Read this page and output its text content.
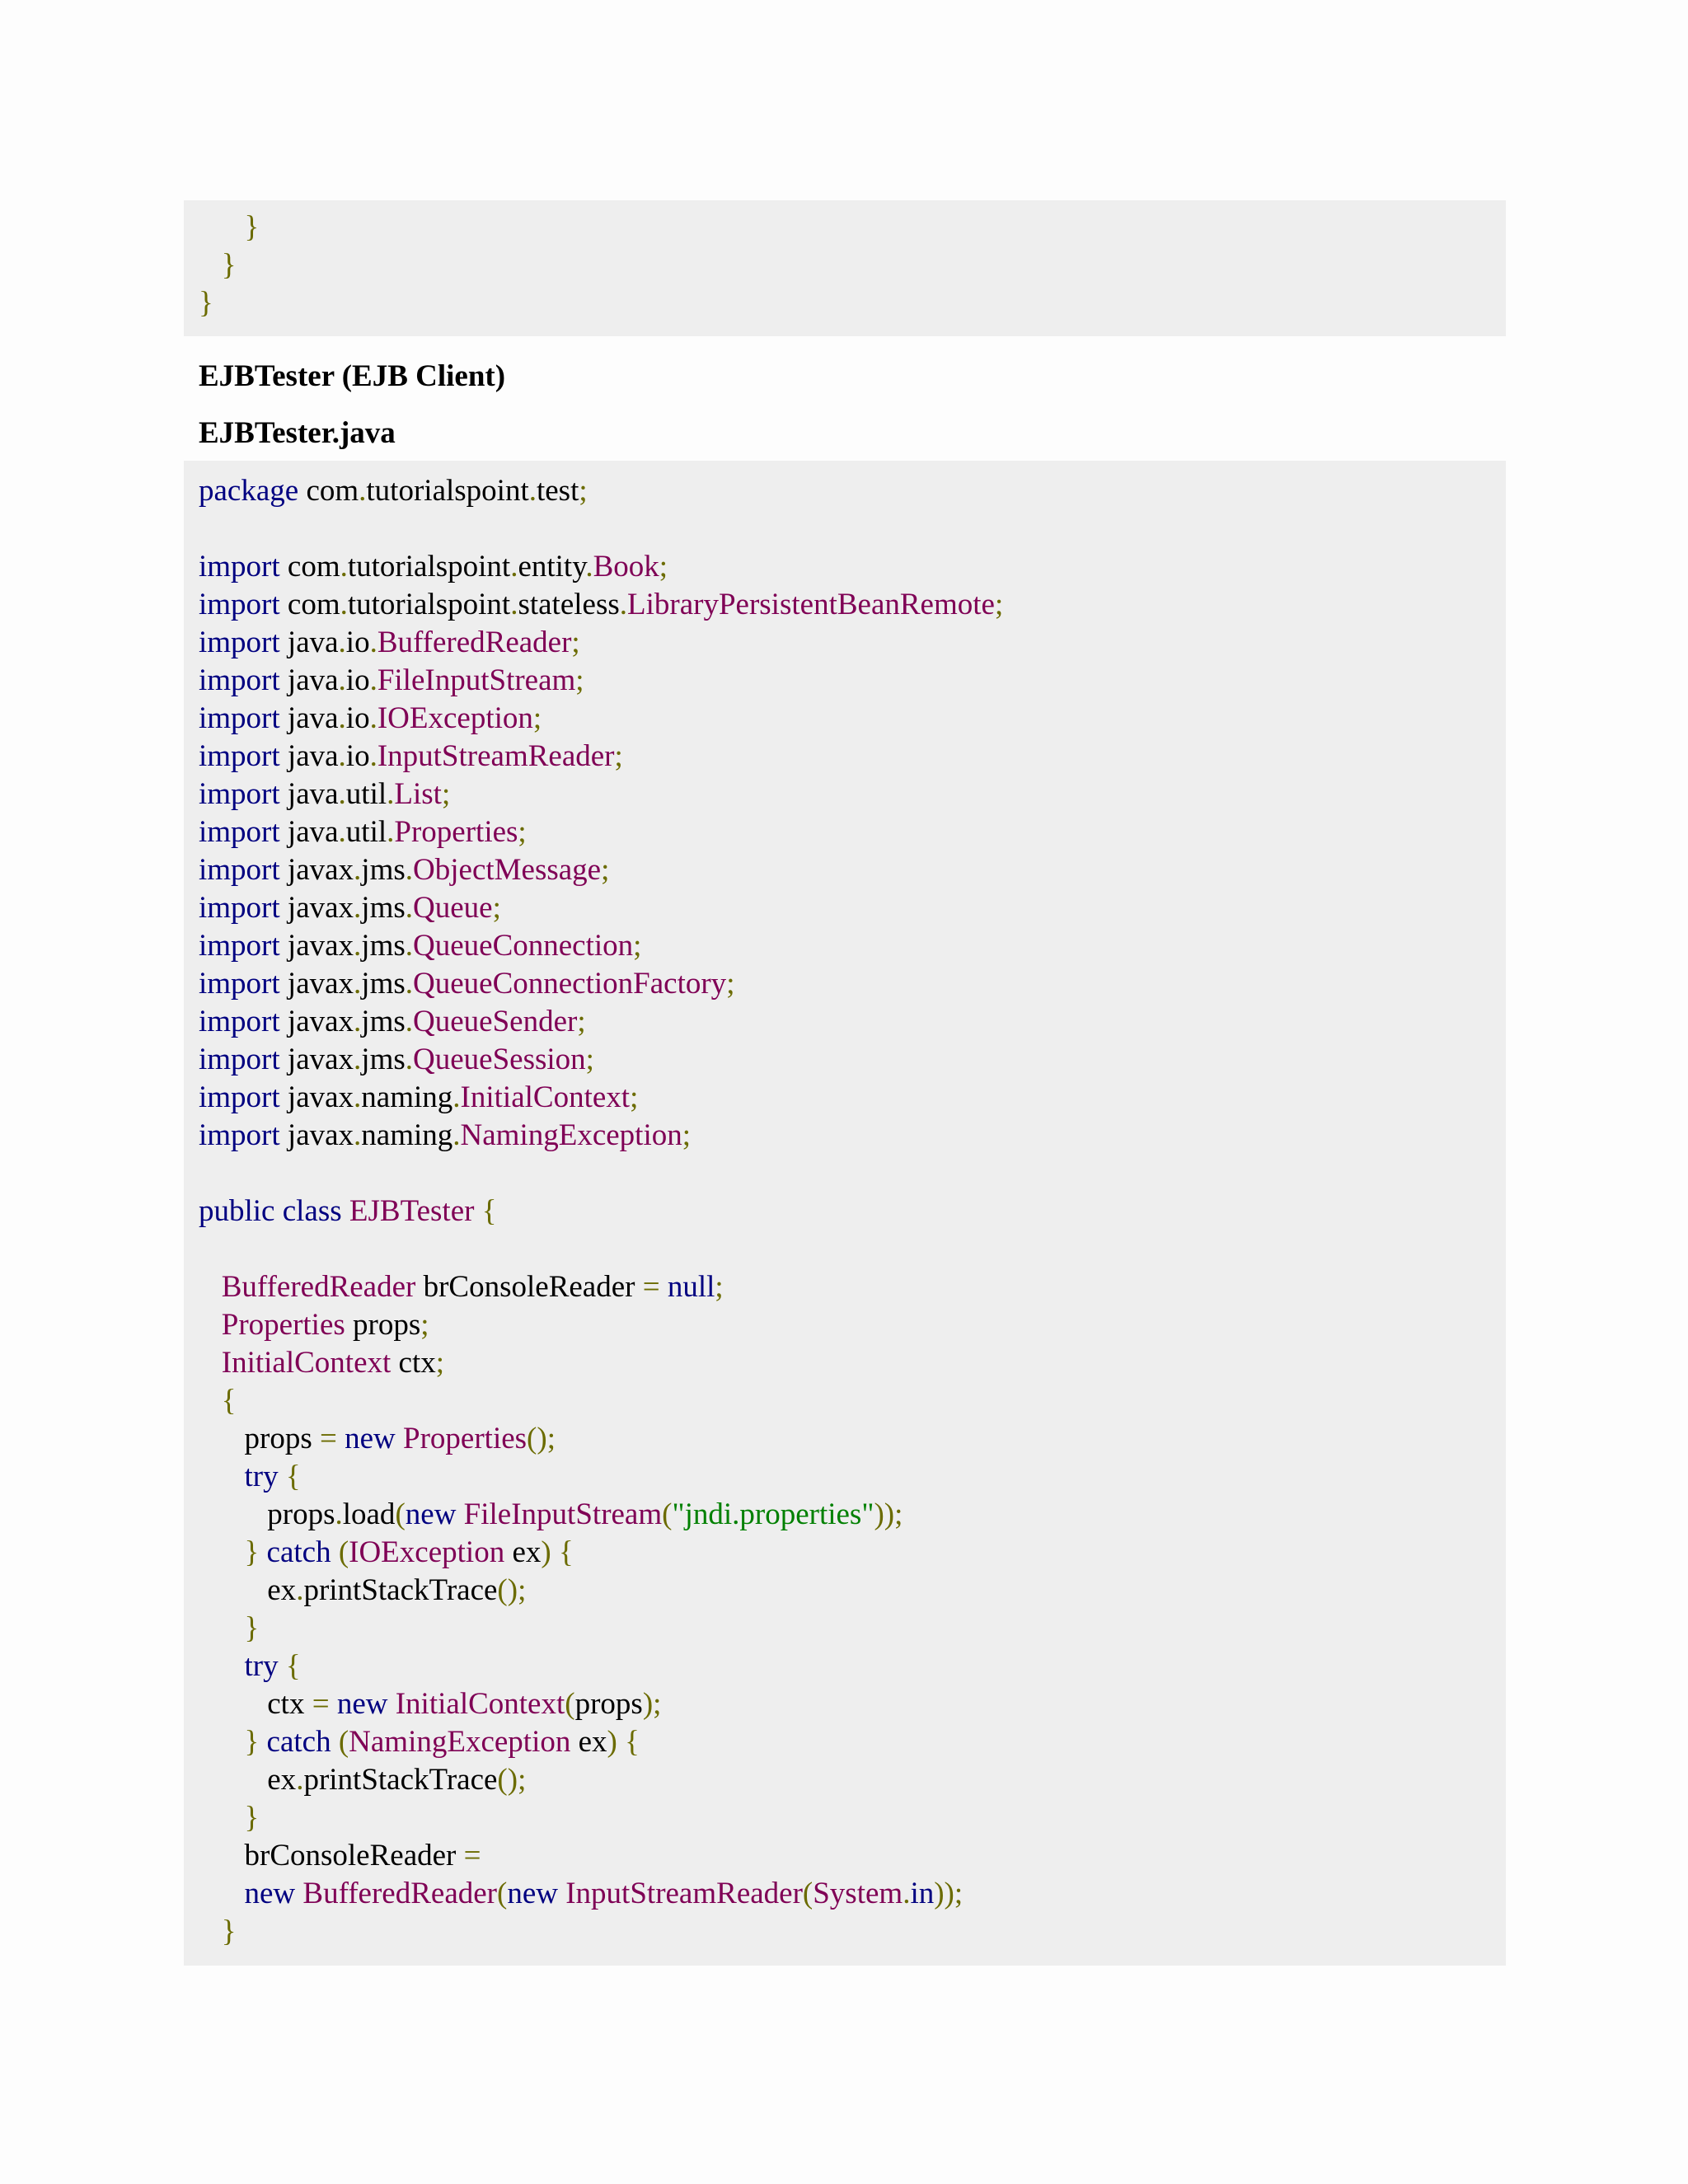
}
}
}
EJBTester (EJB Client)
EJBTester.java
package com.tutorialspoint.test;

import com.tutorialspoint.entity.Book;
import com.tutorialspoint.stateless.LibraryPersistentBeanRemote;
import java.io.BufferedReader;
import java.io.FileInputStream;
import java.io.IOException;
import java.io.InputStreamReader;
import java.util.List;
import java.util.Properties;
import javax.jms.ObjectMessage;
import javax.jms.Queue;
import javax.jms.QueueConnection;
import javax.jms.QueueConnectionFactory;
import javax.jms.QueueSender;
import javax.jms.QueueSession;
import javax.naming.InitialContext;
import javax.naming.NamingException;

public class EJBTester {

BufferedReader brConsoleReader = null;
Properties props;
InitialContext ctx;
{
props = new Properties();
try {
props.load(new FileInputStream("jndi.properties"));
} catch (IOException ex) {
ex.printStackTrace();
}
try {
ctx = new InitialContext(props);
} catch (NamingException ex) {
ex.printStackTrace();
}
brConsoleReader =
new BufferedReader(new InputStreamReader(System.in));
}
